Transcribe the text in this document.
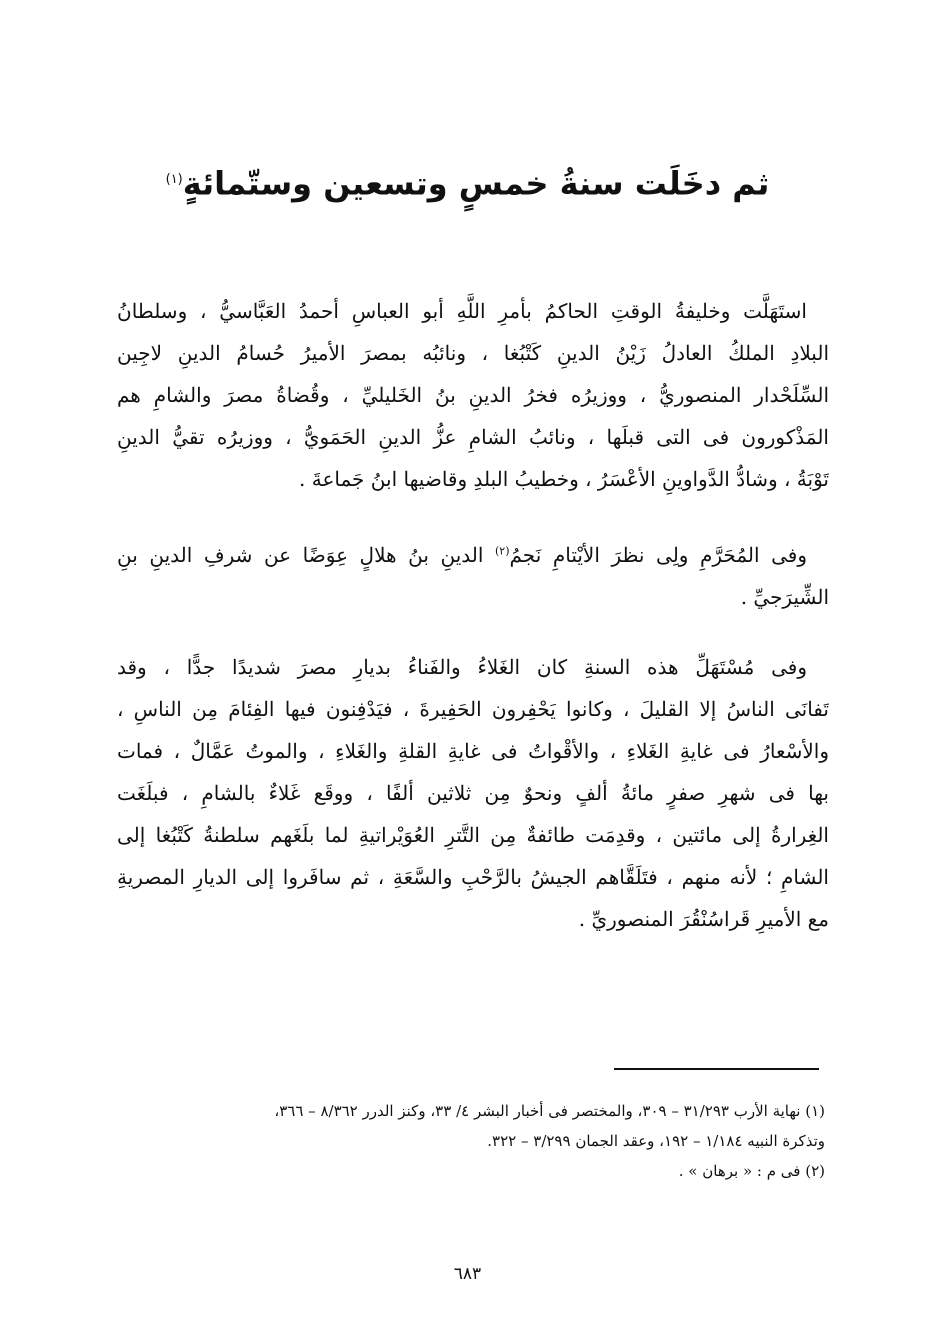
ثم دخَلَت سنةُ خمسٍ وتسعين وستّمائةٍ$^{(١)}$
استَهَلَّت وخليفةُ الوقتِ الحاكمُ بأمرِ اللَّهِ أبو العباسِ أحمدُ العَبَّاسيُّ ، وسلطانُ
البلادِ الملكُ العادلُ زَيْنُ الدينِ كَتْبُغا ، ونائبُه بمصرَ الأميرُ حُسامُ الدينِ لاجِين
السِّلَحْدار المنصوريُّ ، ووزيرُه فخرُ الدينِ بنُ الخَليليِّ ، وقُضاةُ مصرَ والشامِ هم
المَذْكورون فى التى قبلَها ، ونائبُ الشامِ عزُّ الدينِ الحَمَويُّ ، ووزيرُه تقيُّ الدينِ
تَوْبَةُ ، وشادُّ الدَّواوينِ الأعْسَرُ ، وخطيبُ البلدِ وقاضيها ابنُ جَماعةَ .
وفى المُحَرَّمِ ولِى نظرَ الأيْتامِ نَجمُ$^{(٢)}$ الدينِ بنُ هلالٍ عِوَضًا عن شرفِ الدينِ بنِ
الشِّيرَجيِّ .
وفى مُسْتَهَلِّ هذه السنةِ كان الغَلاءُ والفَناءُ بديارِ مصرَ شديدًا جدًّا ، وقد
تَفانَى الناسُ إلا القليلَ ، وكانوا يَحْفِرون الحَفِيرةَ ، فيَدْفِنون فيها الفِئامَ مِن الناسِ ،
والأسْعارُ فى غايةِ الغَلاءِ ، والأقْواتُ فى غايةِ القلةِ والغَلاءِ ، والموتُ عَمَّالٌ ، فمات
بها فى شهرِ صفرٍ مائةُ ألفٍ ونحوٌ مِن ثلاثين ألفًا ، ووقَع غَلاءٌ بالشامِ ، فبلَغَت
الغِرارةُ إلى مائتين ، وقدِمَت طائفةٌ مِن التَّترِ العُوَيْراتيةِ لما بلَغَهم سلطنةُ كَتْبُغا إلى
الشامِ ؛ لأنه منهم ، فتَلَقَّاهم الجيشُ بالرَّحْبِ والسَّعَةِ ، ثم سافَروا إلى الديارِ المصريةِ
مع الأميرِ قَراسُنْقُرَ المنصوريِّ .
(١) نهاية الأرب ٣١/٢٩٣ – ٣٠٩، والمختصر فى أخبار البشر ٤/ ٣٣، وكنز الدرر ٨/٣٦٢ – ٣٦٦،
وتذكرة النبيه ١/١٨٤ – ١٩٢، وعقد الجمان ٣/٢٩٩ – ٣٢٢.
(٢) فى م : « برهان » .
٦٨٣
